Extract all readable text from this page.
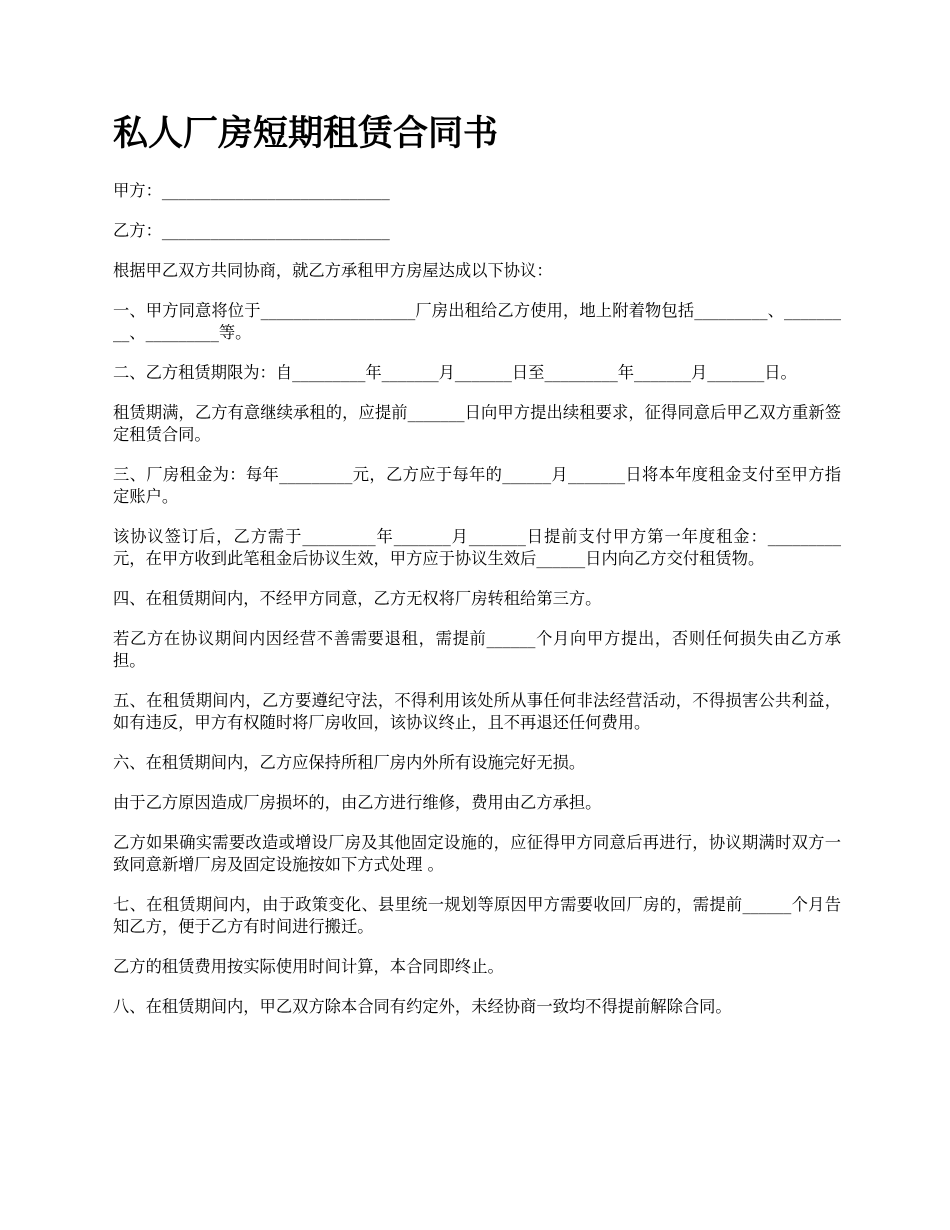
私人厂房短期租赁合同书

甲方：____________________________

乙方：____________________________

根据甲乙双方共同协商，就乙方承租甲方房屋达成以下协议：

一、甲方同意将位于___________________厂房出租给乙方使用，地上附着物包括_________、_________、_________等。

二、乙方租赁期限为：自_________年_______月_______日至_________年_______月_______日。

租赁期满，乙方有意继续承租的，应提前_______日向甲方提出续租要求，征得同意后甲乙双方重新签定租赁合同。

三、厂房租金为：每年_________元，乙方应于每年的______月_______日将本年度租金支付至甲方指定账户。

该协议签订后，乙方需于_________年_______月_______日提前支付甲方第一年度租金：_________元，在甲方收到此笔租金后协议生效，甲方应于协议生效后______日内向乙方交付租赁物。

四、在租赁期间内，不经甲方同意，乙方无权将厂房转租给第三方。

若乙方在协议期间内因经营不善需要退租，需提前______个月向甲方提出，否则任何损失由乙方承担。

五、在租赁期间内，乙方要遵纪守法，不得利用该处所从事任何非法经营活动，不得损害公共利益，如有违反，甲方有权随时将厂房收回，该协议终止，且不再退还任何费用。

六、在租赁期间内，乙方应保持所租厂房内外所有设施完好无损。

由于乙方原因造成厂房损坏的，由乙方进行维修，费用由乙方承担。

乙方如果确实需要改造或增设厂房及其他固定设施的，应征得甲方同意后再进行，协议期满时双方一致同意新增厂房及固定设施按如下方式处理 。

七、在租赁期间内，由于政策变化、县里统一规划等原因甲方需要收回厂房的，需提前______个月告知乙方，便于乙方有时间进行搬迁。

乙方的租赁费用按实际使用时间计算，本合同即终止。

八、在租赁期间内，甲乙双方除本合同有约定外，未经协商一致均不得提前解除合同。
